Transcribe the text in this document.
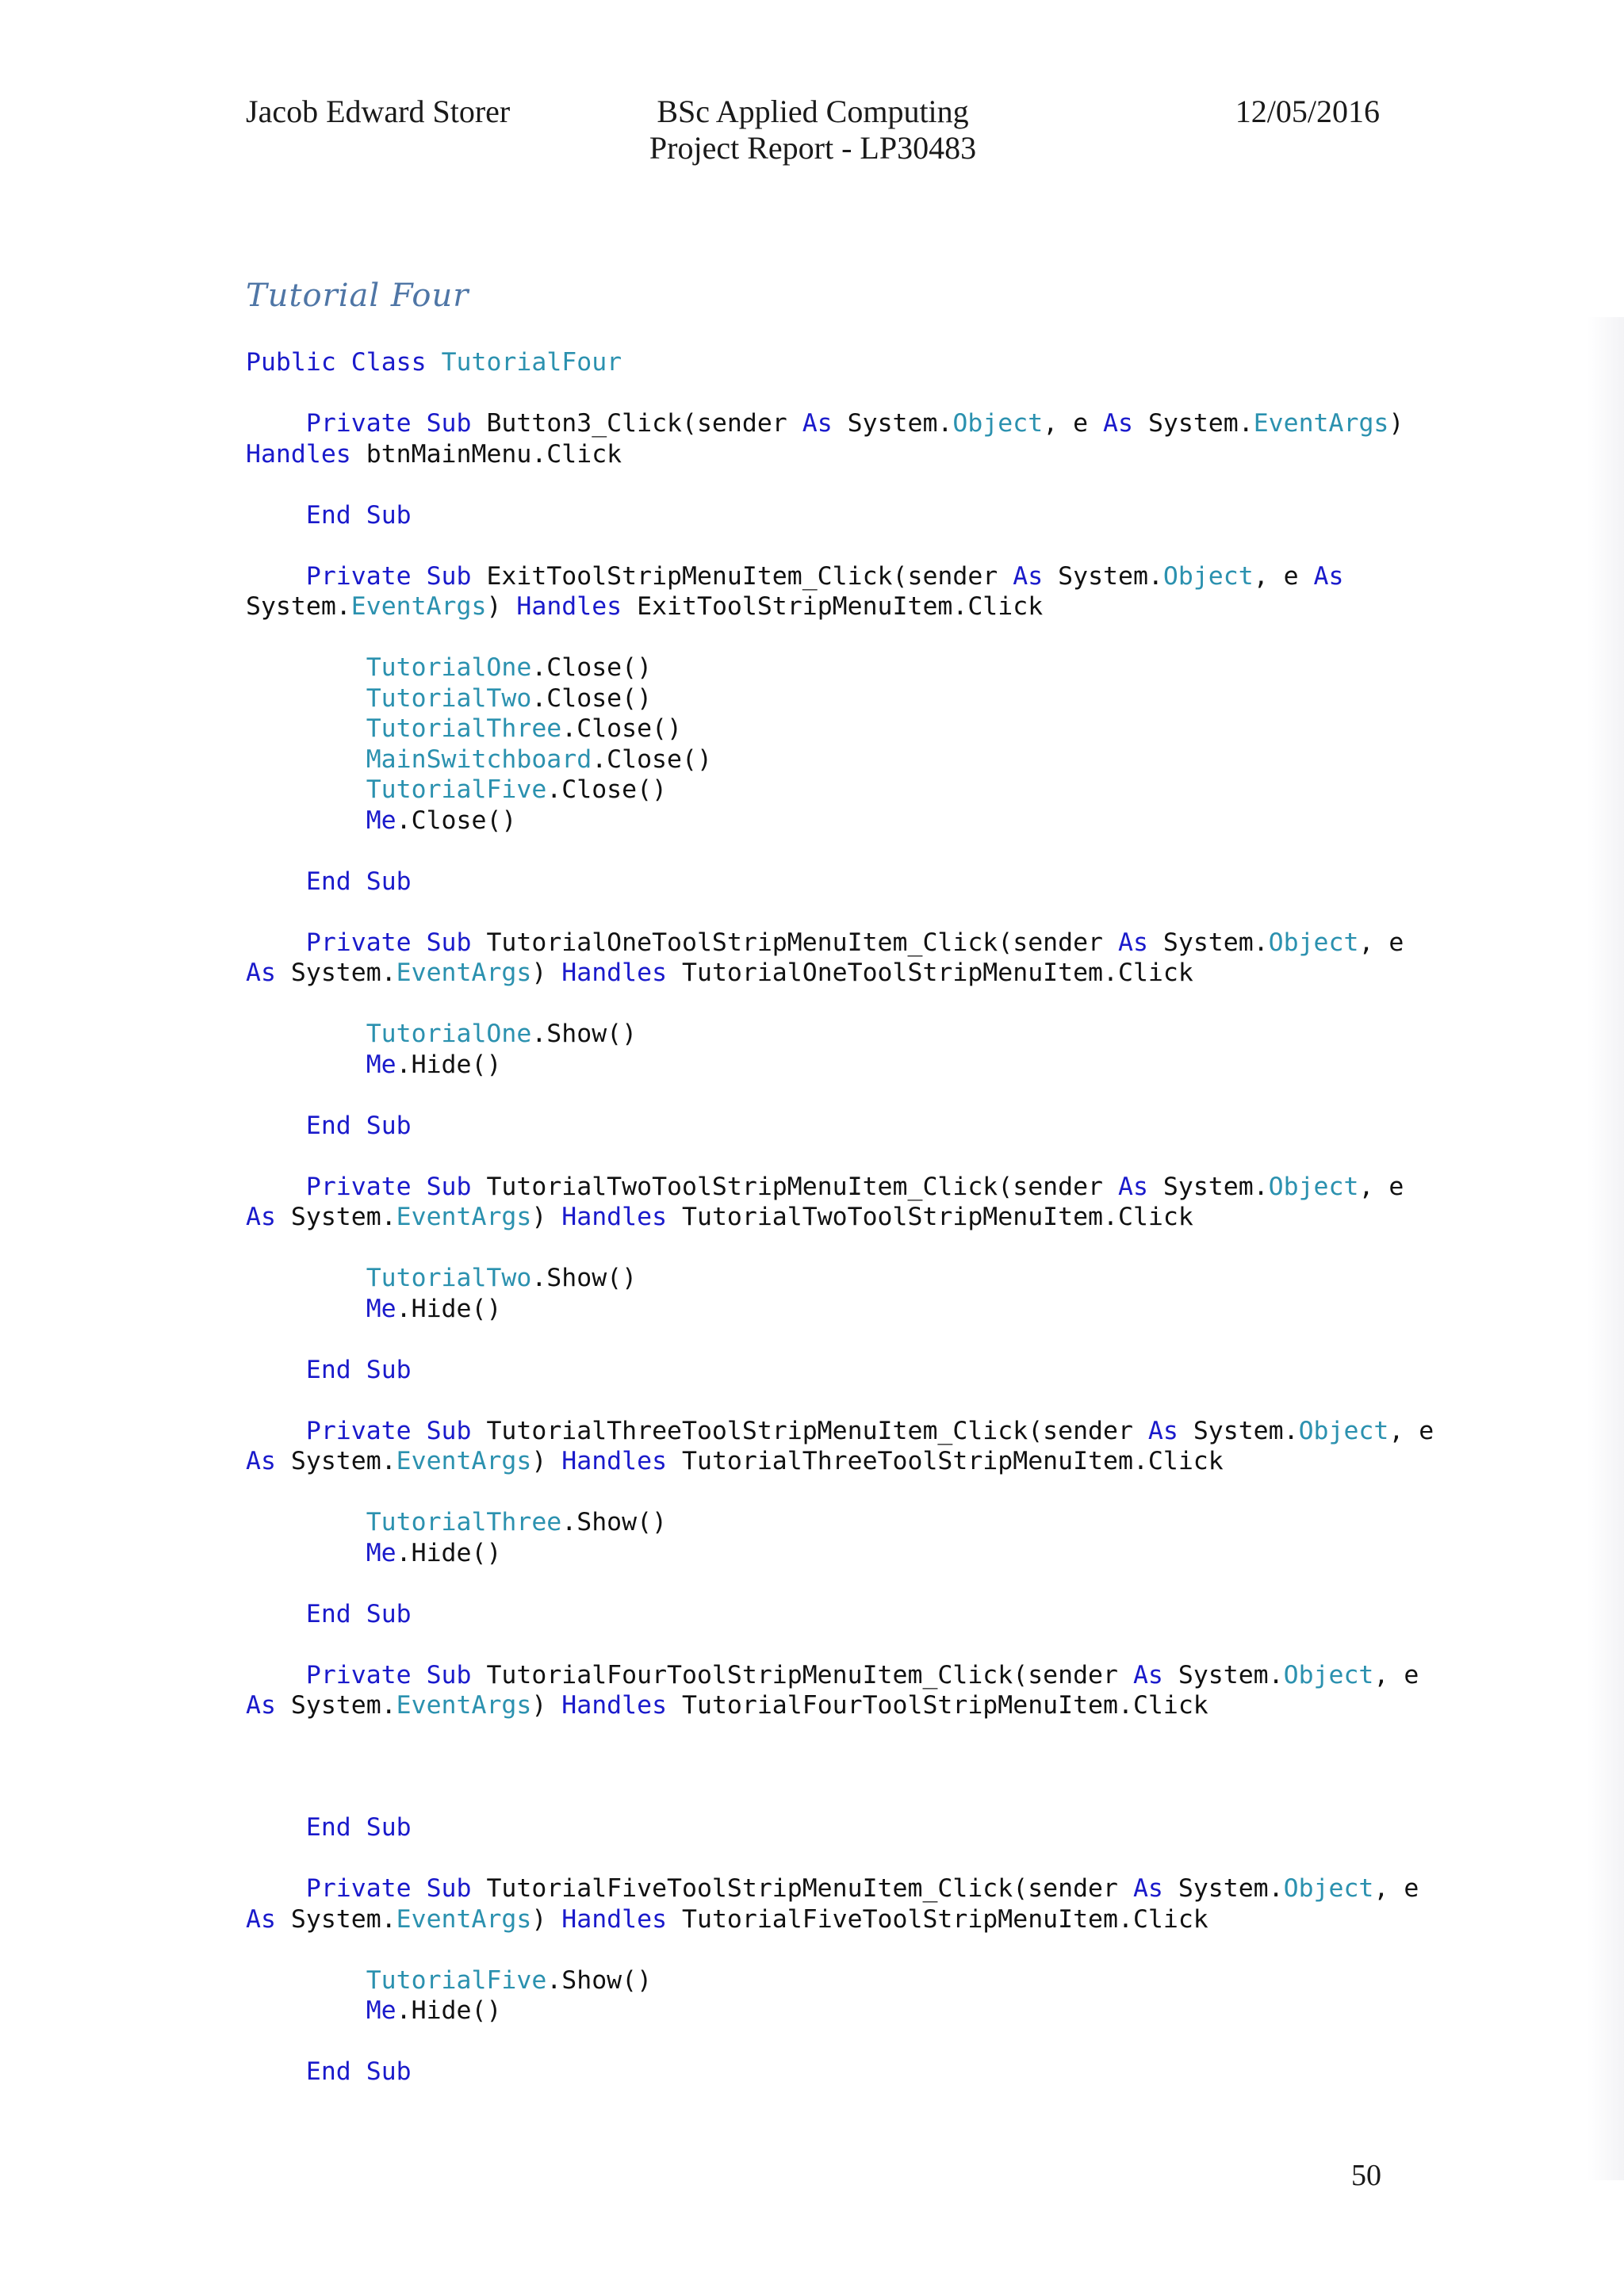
Jacob Edward Storer	BSc Applied Computing
Project Report - LP30483
12/05/2016
Tutorial Four
Public Class TutorialFour
Private Sub Button3_Click(sender As System.Object, e As System.EventArgs)
Handles btnMainMenu.Click
End Sub
Private Sub ExitToolStripMenuItem_Click(sender As System.Object, e As
System.EventArgs) Handles ExitToolStripMenuItem.Click
TutorialOne.Close()
TutorialTwo.Close()
TutorialThree.Close()
MainSwitchboard.Close()
TutorialFive.Close()
Me.Close()
End Sub
Private Sub TutorialOneToolStripMenuItem_Click(sender As System.Object, e
As System.EventArgs) Handles TutorialOneToolStripMenuItem.Click
TutorialOne.Show()
Me.Hide()
End Sub
Private Sub TutorialTwoToolStripMenuItem_Click(sender As System.Object, e
As System.EventArgs) Handles TutorialTwoToolStripMenuItem.Click
TutorialTwo.Show()
Me.Hide()
End Sub
Private Sub TutorialThreeToolStripMenuItem_Click(sender As System.Object, e
As System.EventArgs) Handles TutorialThreeToolStripMenuItem.Click
TutorialThree.Show()
Me.Hide()
End Sub
Private Sub TutorialFourToolStripMenuItem_Click(sender As System.Object, e
As System.EventArgs) Handles TutorialFourToolStripMenuItem.Click
End Sub
Private Sub TutorialFiveToolStripMenuItem_Click(sender As System.Object, e
As System.EventArgs) Handles TutorialFiveToolStripMenuItem.Click
TutorialFive.Show()
Me.Hide()
End Sub
50
